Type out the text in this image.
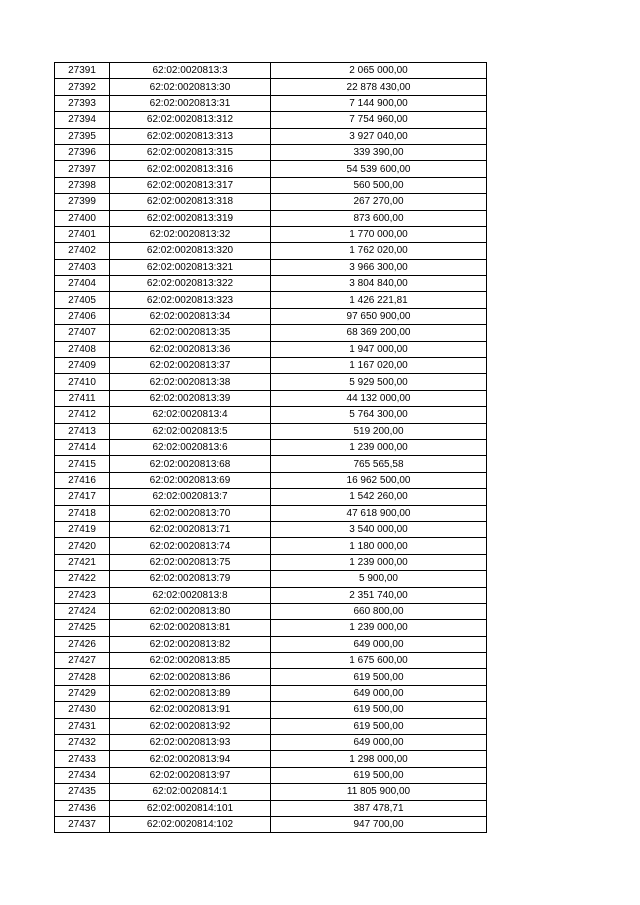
27391	62:02:0020813:3	2 065 000,00
27392	62:02:0020813:30	22 878 430,00
27393	62:02:0020813:31	7 144 900,00
27394	62:02:0020813:312	7 754 960,00
27395	62:02:0020813:313	3 927 040,00
27396	62:02:0020813:315	339 390,00
27397	62:02:0020813:316	54 539 600,00
27398	62:02:0020813:317	560 500,00
27399	62:02:0020813:318	267 270,00
27400	62:02:0020813:319	873 600,00
27401	62:02:0020813:32	1 770 000,00
27402	62:02:0020813:320	1 762 020,00
27403	62:02:0020813:321	3 966 300,00
27404	62:02:0020813:322	3 804 840,00
27405	62:02:0020813:323	1 426 221,81
27406	62:02:0020813:34	97 650 900,00
27407	62:02:0020813:35	68 369 200,00
27408	62:02:0020813:36	1 947 000,00
27409	62:02:0020813:37	1 167 020,00
27410	62:02:0020813:38	5 929 500,00
27411	62:02:0020813:39	44 132 000,00
27412	62:02:0020813:4	5 764 300,00
27413	62:02:0020813:5	519 200,00
27414	62:02:0020813:6	1 239 000,00
27415	62:02:0020813:68	765 565,58
27416	62:02:0020813:69	16 962 500,00
27417	62:02:0020813:7	1 542 260,00
27418	62:02:0020813:70	47 618 900,00
27419	62:02:0020813:71	3 540 000,00
27420	62:02:0020813:74	1 180 000,00
27421	62:02:0020813:75	1 239 000,00
27422	62:02:0020813:79	5 900,00
27423	62:02:0020813:8	2 351 740,00
27424	62:02:0020813:80	660 800,00
27425	62:02:0020813:81	1 239 000,00
27426	62:02:0020813:82	649 000,00
27427	62:02:0020813:85	1 675 600,00
27428	62:02:0020813:86	619 500,00
27429	62:02:0020813:89	649 000,00
27430	62:02:0020813:91	619 500,00
27431	62:02:0020813:92	619 500,00
27432	62:02:0020813:93	649 000,00
27433	62:02:0020813:94	1 298 000,00
27434	62:02:0020813:97	619 500,00
27435	62:02:0020814:1	11 805 900,00
27436	62:02:0020814:101	387 478,71
27437	62:02:0020814:102	947 700,00
